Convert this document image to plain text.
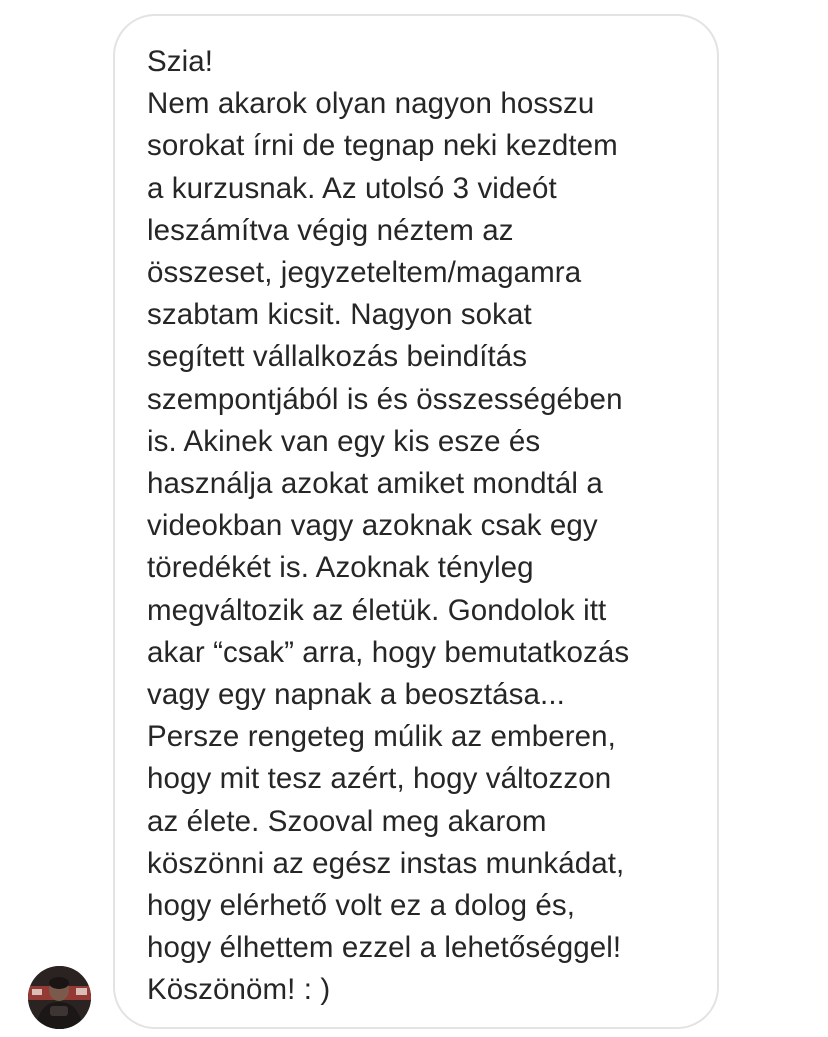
Szia!
Nem akarok olyan nagyon hosszu
sorokat írni de tegnap neki kezdtem
a kurzusnak. Az utolsó 3 videót
leszámítva végig néztem az
összeset, jegyzeteltem/magamra
szabtam kicsit. Nagyon sokat
segített vállalkozás beindítás
szempontjából is és összességében
is. Akinek van egy kis esze és
használja azokat amiket mondtál a
videokban vagy azoknak csak egy
töredékét is. Azoknak tényleg
megváltozik az életük. Gondolok itt
akar “csak” arra, hogy bemutatkozás
vagy egy napnak a beosztása...
Persze rengeteg múlik az emberen,
hogy mit tesz azért, hogy változzon
az élete. Szooval meg akarom
köszönni az egész instas munkádat,
hogy elérhető volt ez a dolog és,
hogy élhettem ezzel a lehetőséggel!
Köszönöm! : )
